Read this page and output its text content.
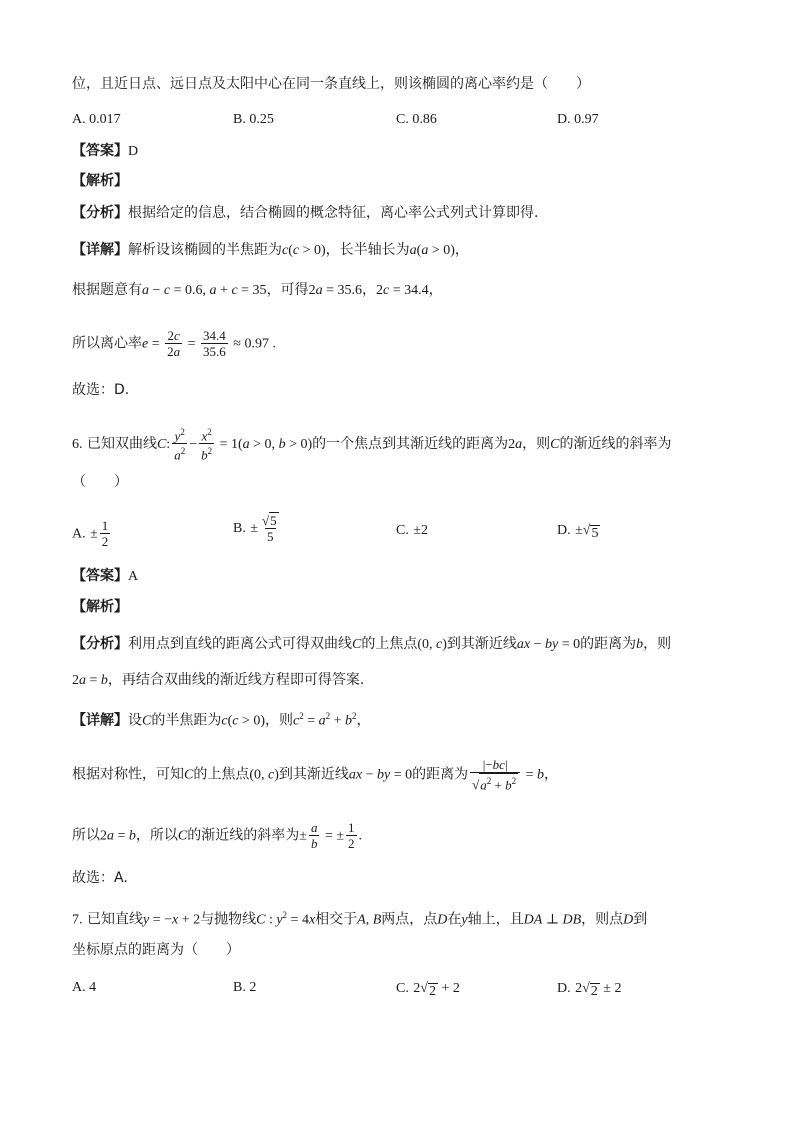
位，且近日点、远日点及太阳中心在同一条直线上，则该椭圆的离心率约是（　　）
A. 0.017	B. 0.25	C. 0.86	D. 0.97
【答案】D
【解析】
【分析】根据给定的信息，结合椭圆的概念特征，离心率公式列式计算即得.
【详解】解析设该椭圆的半焦距为c(c > 0)，长半轴长为a(a > 0)，
根据题意有a − c = 0.6, a + c = 35，可得2a = 35.6，2c = 34.4，
所以离心率$e = \frac{2c}{2a} = \frac{34.4}{35.6} \approx 0.97$ .
故选：D.
6. 已知双曲线C: $\frac{y^2}{a^2} - \frac{x^2}{b^2} = 1(a > 0$, b > 0)的一个焦点到其渐近线的距离为2a，则C的渐近线的斜率为
（　　）
A. ± $\frac{1}{2}$	B. ± $\frac{√ 5}{5}$	C. ±2	D. ± √ 5
【答案】A
【解析】
【分析】利用点到直线的距离公式可得双曲线C的上焦点(0, c)到其渐近线ax − by = 0的距离为b，则
2a = b，再结合双曲线的渐近线方程即可得答案.
【详解】设C的半焦距为c(c > 0)，则$c^2 = a^2 + b^2$，
根据对称性，可知C的上焦点(0, c)到其渐近线ax − by = 0的距离为 $\frac{|-bc|}{√ a^2 + b^2} = b$，
所以2a = b，所以C的渐近线的斜率为± $\frac{a}{b}$ = ± $\frac{1}{2}$ .
故选：A.
7. 已知直线y = −x + 2与抛物线C : $y^2 = 4x$相交于A, B两点，点D在y轴上，且DA ⊥ DB，则点D到
坐标原点的距离为（　　）
A. 4	B. 2	C. 2 √ 2 + 2	D. 2 √ 2 ± 2
